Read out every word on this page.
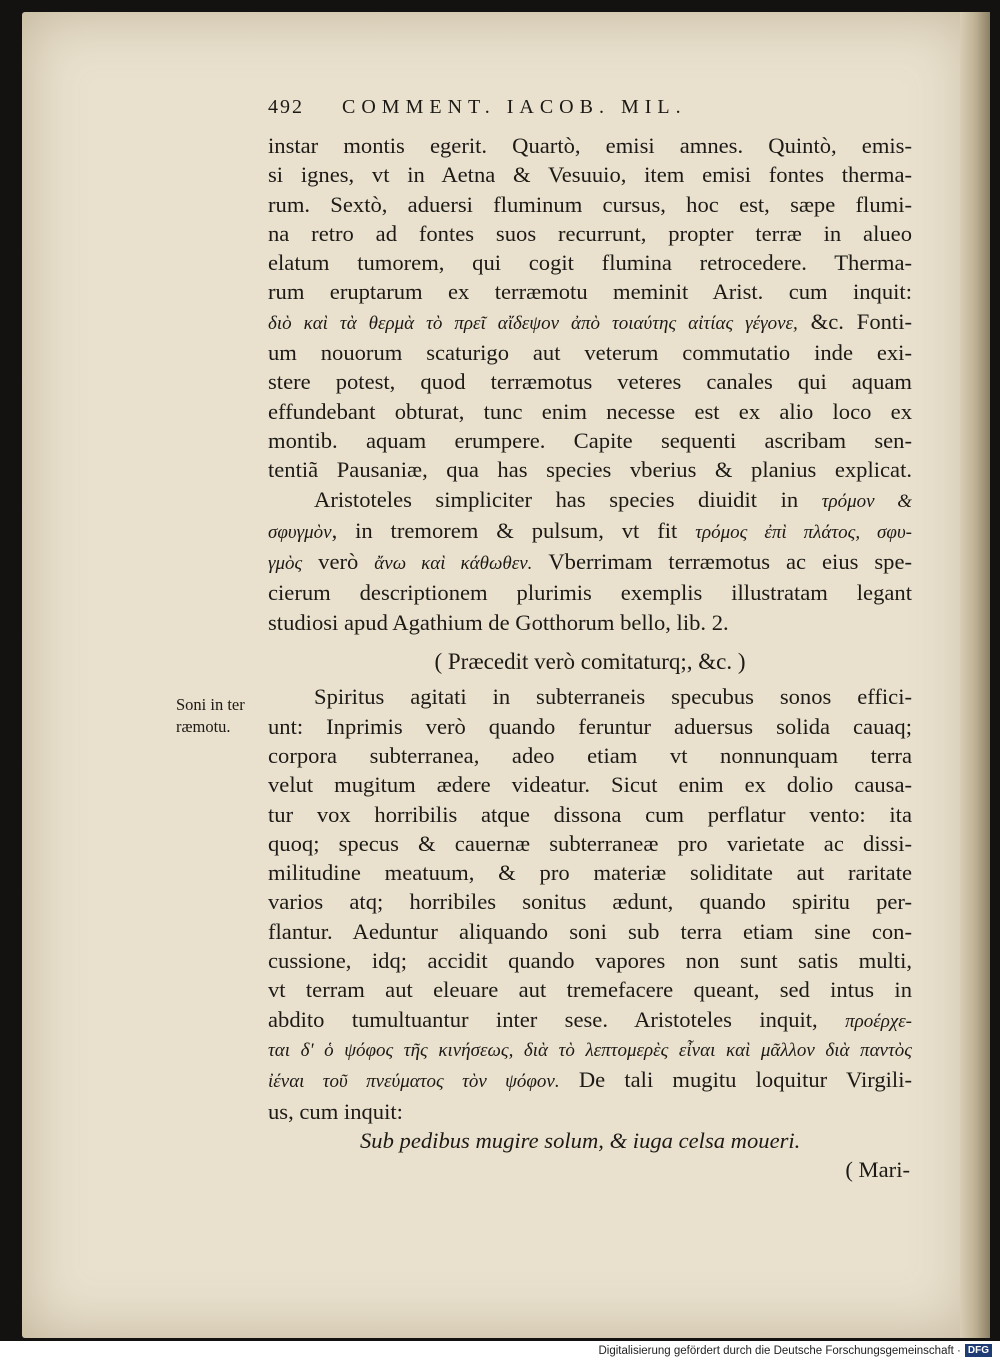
492 COMMENT. IACOB. MIL.
Soni in ter
ræmotu.
instar montis egerit. Quartò, emisi amnes. Quintò, emis-
si ignes, vt in Aetna & Vesuuio, item emisi fontes therma-
rum. Sextò, aduersi fluminum cursus, hoc est, sæpe flumi-
na retro ad fontes suos recurrunt, propter terræ in alueo
elatum tumorem, qui cogit flumina retrocedere. Therma-
rum eruptarum ex terræmotu meminit Arist. cum inquit:
διὸ καὶ τὰ θερμὰ τὸ πρεῖ αἴδεψον ἀπὸ τοιαύτης αἰτίας γέγονε, &c. Fonti-
um nouorum scaturigo aut veterum commutatio inde exi-
stere potest, quod terræmotus veteres canales qui aquam
effundebant obturat, tunc enim necesse est ex alio loco ex
montib. aquam erumpere. Capite sequenti ascribam sen-
tentiã Pausaniæ, qua has species vberius & planius explicat.
Aristoteles simpliciter has species diuidit in τρόμον &
σφυγμὸν, in tremorem & pulsum, vt fit τρόμος ἐπὶ πλάτος, σφυ-
γμὸς verò ἄνω καὶ κάθωθεν. Vberrimam terræmotus ac eius spe-
cierum descriptionem plurimis exemplis illustratam legant
studiosi apud Agathium de Gotthorum bello, lib. 2.
( Præcedit verò comitaturq;, &c. )
Spiritus agitati in subterraneis specubus sonos effici-
unt: Inprimis verò quando feruntur aduersus solida cauaq;
corpora subterranea, adeo etiam vt nonnunquam terra
velut mugitum ædere videatur. Sicut enim ex dolio causa-
tur vox horribilis atque dissona cum perflatur vento: ita
quoq; specus & cauernæ subterraneæ pro varietate ac dissi-
militudine meatuum, & pro materiæ soliditate aut raritate
varios atq; horribiles sonitus ædunt, quando spiritu per-
flantur. Aeduntur aliquando soni sub terra etiam sine con-
cussione, idq; accidit quando vapores non sunt satis multi,
vt terram aut eleuare aut tremefacere queant, sed intus in
abdito tumultuantur inter sese. Aristoteles inquit, προέρχε-
ται δ' ὁ ψόφος τῆς κινήσεως, διὰ τὸ λεπτομερὲς εἶναι καὶ μᾶλλον διὰ παντὸς
ἰέναι τοῦ πνεύματος τὸν ψόφον. De tali mugitu loquitur Virgili-
us, cum inquit:
Sub pedibus mugire solum, & iuga celsa moueri.
( Mari-
Digitalisierung gefördert durch die Deutsche Forschungsgemeinschaft · DFG
